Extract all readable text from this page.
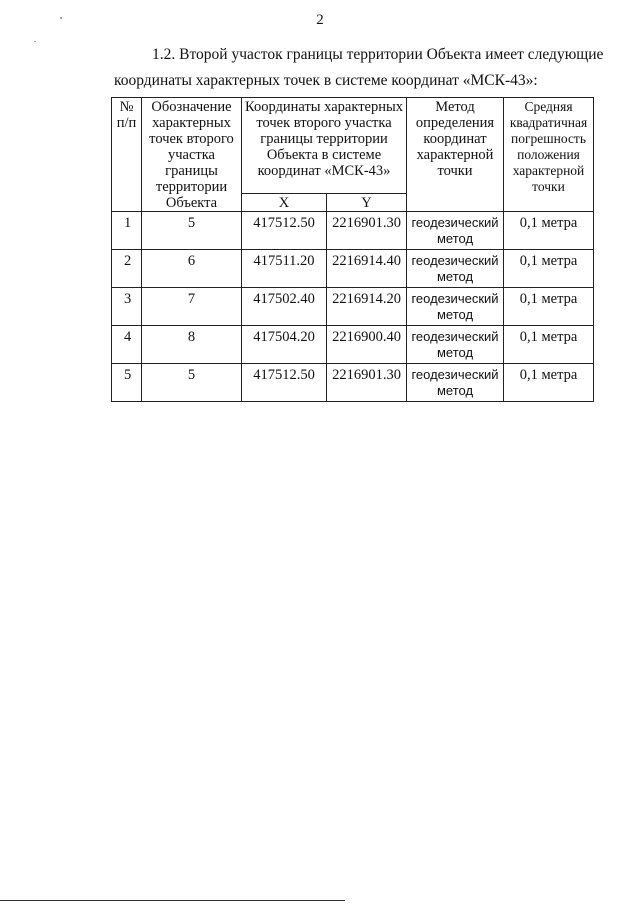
2
1.2. Второй участок границы территории Объекта имеет следующие
координаты характерных точек в системе координат «МСК-43»:
№ п/п	Обозначение характерных точек второго участка границы территории Объекта	Координаты характерных точек второго участка границы территории Объекта в системе координат «МСК-43»		Метод определения координат характерной точки	Средняя квадратичная погрешность положения характерной точки
		X	Y		
1	5	417512.50	2216901.30	геодезический метод	0,1 метра
2	6	417511.20	2216914.40	геодезический метод	0,1 метра
3	7	417502.40	2216914.20	геодезический метод	0,1 метра
4	8	417504.20	2216900.40	геодезический метод	0,1 метра
5	5	417512.50	2216901.30	геодезический метод	0,1 метра
